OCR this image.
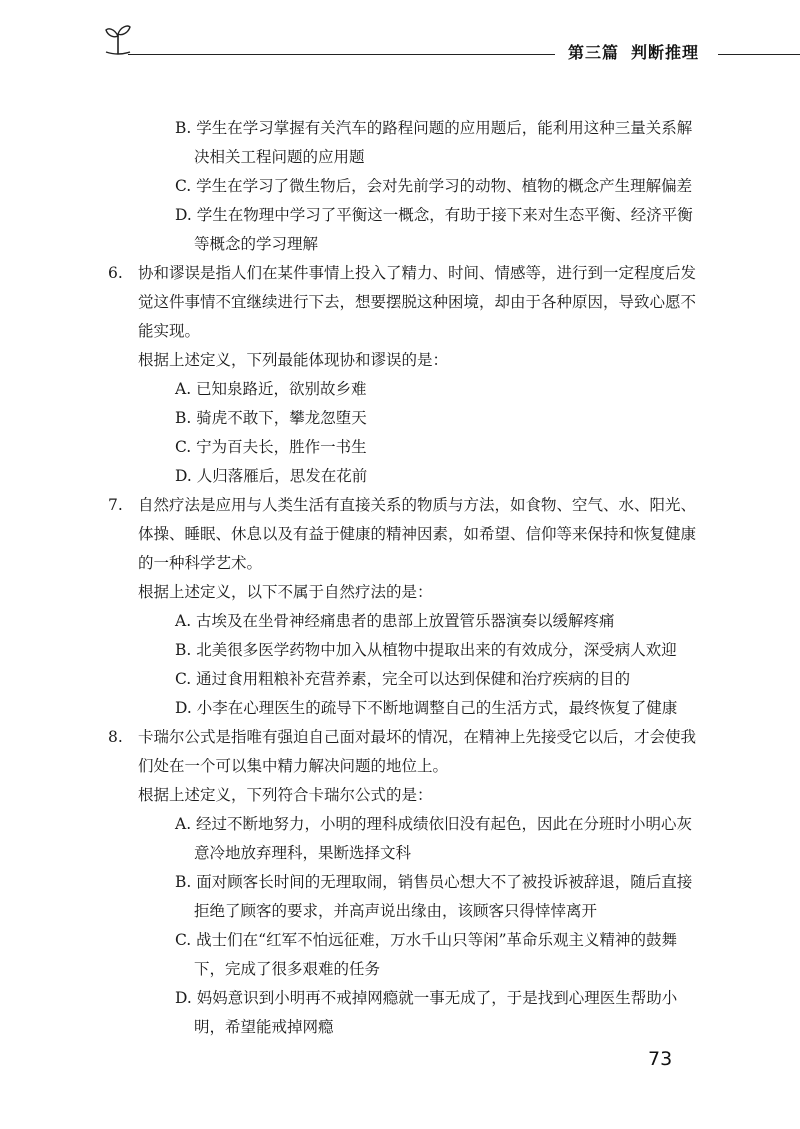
第三篇 判断推理

B. 学生在学习掌握有关汽车的路程问题的应用题后，能利用这种三量关系解决相关工程问题的应用题

C. 学生在学习了微生物后，会对先前学习的动物、植物的概念产生理解偏差

D. 学生在物理中学习了平衡这一概念，有助于接下来对生态平衡、经济平衡等概念的学习理解

6. 协和谬误是指人们在某件事情上投入了精力、时间、情感等，进行到一定程度后发觉这件事情不宜继续进行下去，想要摆脱这种困境，却由于各种原因，导致心愿不能实现。

根据上述定义，下列最能体现协和谬误的是：

A. 已知泉路近，欲别故乡难

B. 骑虎不敢下，攀龙忽堕天

C. 宁为百夫长，胜作一书生

D. 人归落雁后，思发在花前

7. 自然疗法是应用与人类生活有直接关系的物质与方法，如食物、空气、水、阳光、体操、睡眠、休息以及有益于健康的精神因素，如希望、信仰等来保持和恢复健康的一种科学艺术。

根据上述定义，以下不属于自然疗法的是：

A. 古埃及在坐骨神经痛患者的患部上放置管乐器演奏以缓解疼痛

B. 北美很多医学药物中加入从植物中提取出来的有效成分，深受病人欢迎

C. 通过食用粗粮补充营养素，完全可以达到保健和治疗疾病的目的

D. 小李在心理医生的疏导下不断地调整自己的生活方式，最终恢复了健康

8. 卡瑞尔公式是指唯有强迫自己面对最坏的情况，在精神上先接受它以后，才会使我们处在一个可以集中精力解决问题的地位上。

根据上述定义，下列符合卡瑞尔公式的是：

A. 经过不断地努力，小明的理科成绩依旧没有起色，因此在分班时小明心灰意冷地放弃理科，果断选择文科

B. 面对顾客长时间的无理取闹，销售员心想大不了被投诉被辞退，随后直接拒绝了顾客的要求，并高声说出缘由，该顾客只得悻悻离开

C. 战士们在“红军不怕远征难，万水千山只等闲”革命乐观主义精神的鼓舞下，完成了很多艰难的任务

D. 妈妈意识到小明再不戒掉网瘾就一事无成了，于是找到心理医生帮助小明，希望能戒掉网瘾

73
